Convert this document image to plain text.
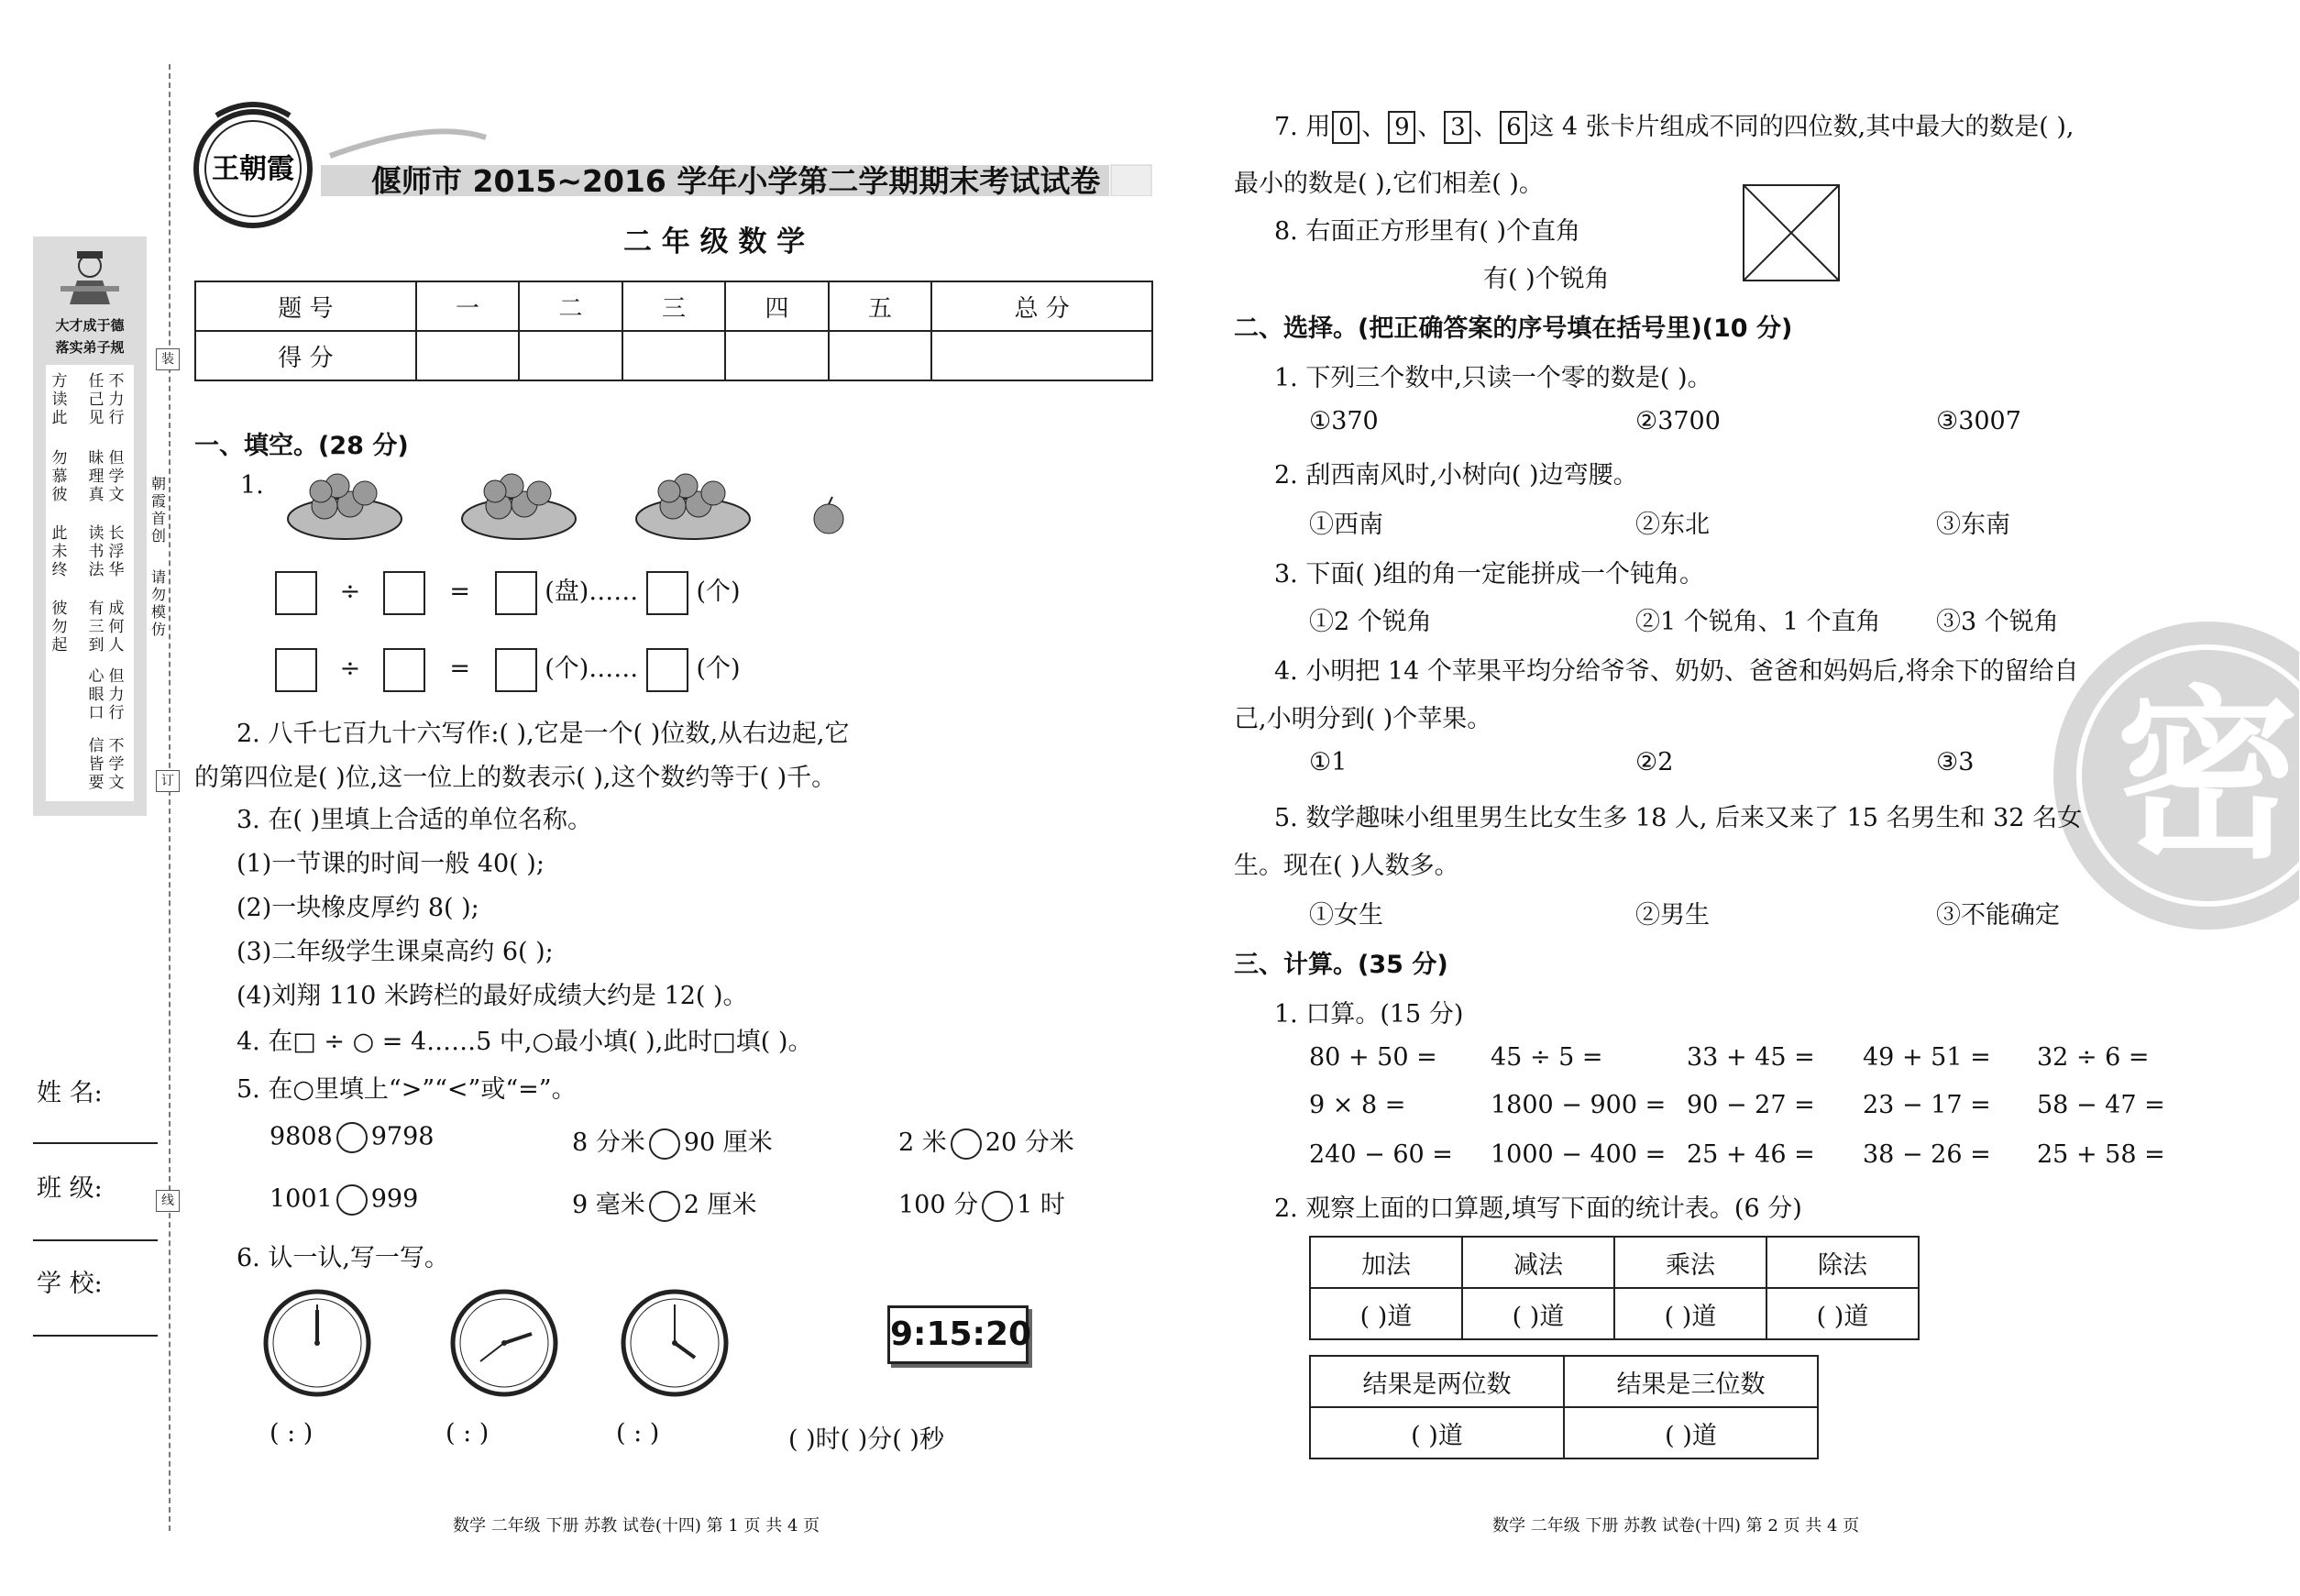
大才成于德
落实弟子规
不力行
任己见
方读此
但学文
昧理真
勿慕彼
长浮华
读书法
此未终
成何人
有三到
彼勿起
但力行
心眼口
不学文
信皆要
朝霞首创
请勿模仿
装
订
线
姓 名:
班 级:
学 校:
王朝霞	偃师市 2015~2016 学年小学第二学期期末考试试卷
二 年 级 数 学
题 号	一	二	三	四	五	总 分
得 分						
一、填空。(28 分)
1.
÷	=	(盘)…… (个)
÷	=	(个)…… (个)
2. 八千七百九十六写作:( ),它是一个( )位数,从右边起,它
的第四位是( )位,这一位上的数表示( ),这个数约等于( )千。
3. 在( )里填上合适的单位名称。
(1)一节课的时间一般 40( );
(2)一块橡皮厚约 8( );
(3)二年级学生课桌高约 6( );
(4)刘翔 110 米跨栏的最好成绩大约是 12( )。
4. 在□ ÷ ○ = 4……5 中,○最小填( ),此时□填( )。
5. 在○里填上“>”“<”或“=”。
9808 9798	8 分米 90 厘米	2 米 20 分米
1001 999	9 毫米 2 厘米	100 分 1 时
6. 认一认,写一写。
9:15:20
( : )	( : )	( : )	( )时( )分( )秒
数学 二年级 下册 苏教 试卷(十四) 第 1 页 共 4 页
密
7. 用 0 、 9 、 3 、 6 这 4 张卡片组成不同的四位数,其中最大的数是( ),
最小的数是( ),它们相差( )。
8. 右面正方形里有( )个直角
有( )个锐角
二、选择。(把正确答案的序号填在括号里)(10 分)
1. 下列三个数中,只读一个零的数是( )。
①370	②3700	③3007
2. 刮西南风时,小树向( )边弯腰。
①西南	②东北	③东南
3. 下面( )组的角一定能拼成一个钝角。
①2 个锐角	②1 个锐角、1 个直角 ③3 个锐角
4. 小明把 14 个苹果平均分给爷爷、奶奶、爸爸和妈妈后,将余下的留给自
己,小明分到( )个苹果。
①1	②2	③3
5. 数学趣味小组里男生比女生多 18 人, 后来又来了 15 名男生和 32 名女
生。现在( )人数多。
①女生	②男生	③不能确定
三、计算。(35 分)
1. 口算。(15 分)
80 + 50 = 45 ÷ 5 =	33 + 45 = 49 + 51 = 32 ÷ 6 =
9 × 8 =	1800 − 900 = 90 − 27 = 23 − 17 = 58 − 47 =
240 − 60 = 1000 − 400 = 25 + 46 = 38 − 26 = 25 + 58 =
2. 观察上面的口算题,填写下面的统计表。(6 分)
加法	减法	乘法	除法
( )道	( )道	( )道	( )道
结果是两位数	结果是三位数
( )道	( )道
数学 二年级 下册 苏教 试卷(十四) 第 2 页 共 4 页
